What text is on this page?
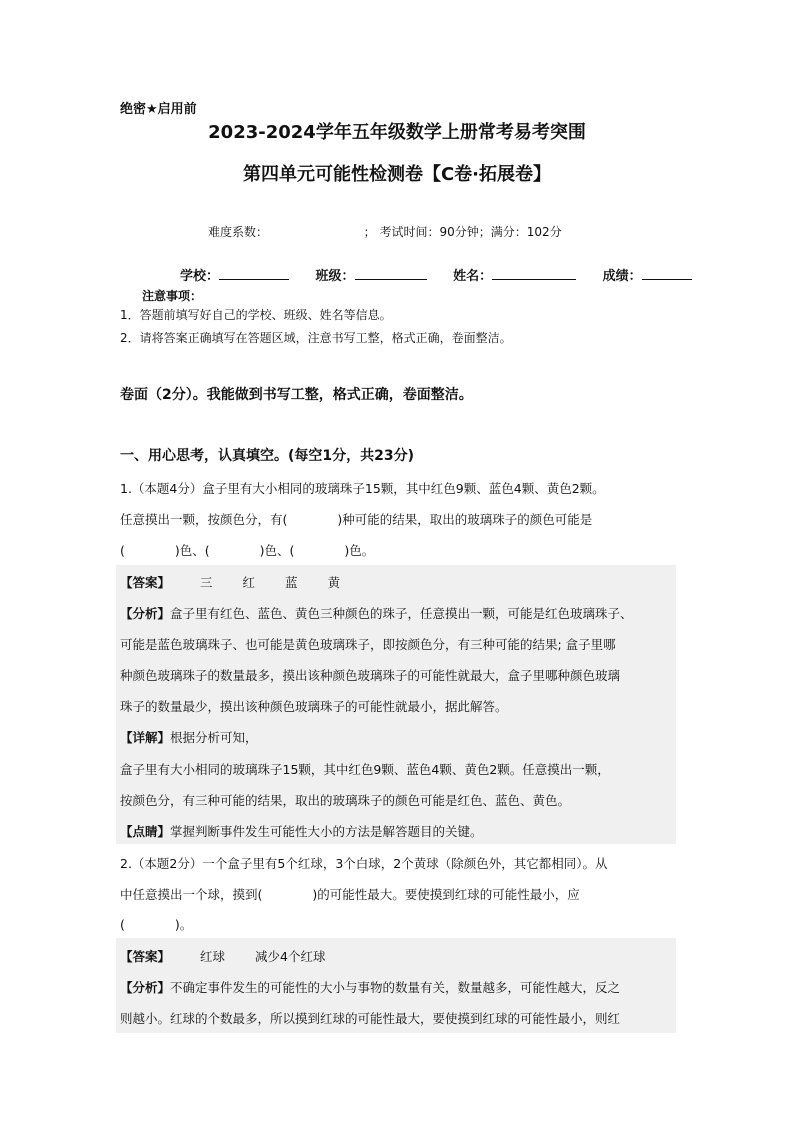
绝密★启用前
2023-2024学年五年级数学上册常考易考突围
第四单元可能性检测卷【C卷·拓展卷】
难度系数：	； 考试时间：90分钟；满分：102分
学校：	班级：	姓名：	成绩：
注意事项：
1．答题前填写好自己的学校、班级、姓名等信息。
2．请将答案正确填写在答题区域，注意书写工整，格式正确，卷面整洁。
卷面（2分）。我能做到书写工整，格式正确，卷面整洁。
一、用心思考，认真填空。(每空1分，共23分)
1.（本题4分）盒子里有大小相同的玻璃珠子15颗，其中红色9颗、蓝色4颗、黄色2颗。
任意摸出一颗，按颜色分，有(　　　　)种可能的结果，取出的玻璃珠子的颜色可能是
(　　　　)色、(　　　　)色、(　　　　)色。
【答案】 三 红 蓝 黄
【分析】盒子里有红色、蓝色、黄色三种颜色的珠子，任意摸出一颗，可能是红色玻璃珠子、
可能是蓝色玻璃珠子、也可能是黄色玻璃珠子，即按颜色分，有三种可能的结果; 盒子里哪
种颜色玻璃珠子的数量最多，摸出该种颜色玻璃珠子的可能性就最大，盒子里哪种颜色玻璃
珠子的数量最少，摸出该种颜色玻璃珠子的可能性就最小，据此解答。
【详解】根据分析可知，
盒子里有大小相同的玻璃珠子15颗，其中红色9颗、蓝色4颗、黄色2颗。任意摸出一颗，
按颜色分，有三种可能的结果，取出的玻璃珠子的颜色可能是红色、蓝色、黄色。
【点睛】掌握判断事件发生可能性大小的方法是解答题目的关键。
2.（本题2分）一个盒子里有5个红球，3个白球，2个黄球（除颜色外，其它都相同）。从
中任意摸出一个球，摸到(　　　　)的可能性最大。要使摸到红球的可能性最小，应
(　　　　)。
【答案】 红球 减少4个红球
【分析】不确定事件发生的可能性的大小与事物的数量有关，数量越多，可能性越大，反之
则越小。红球的个数最多，所以摸到红球的可能性最大，要使摸到红球的可能性最小，则红
